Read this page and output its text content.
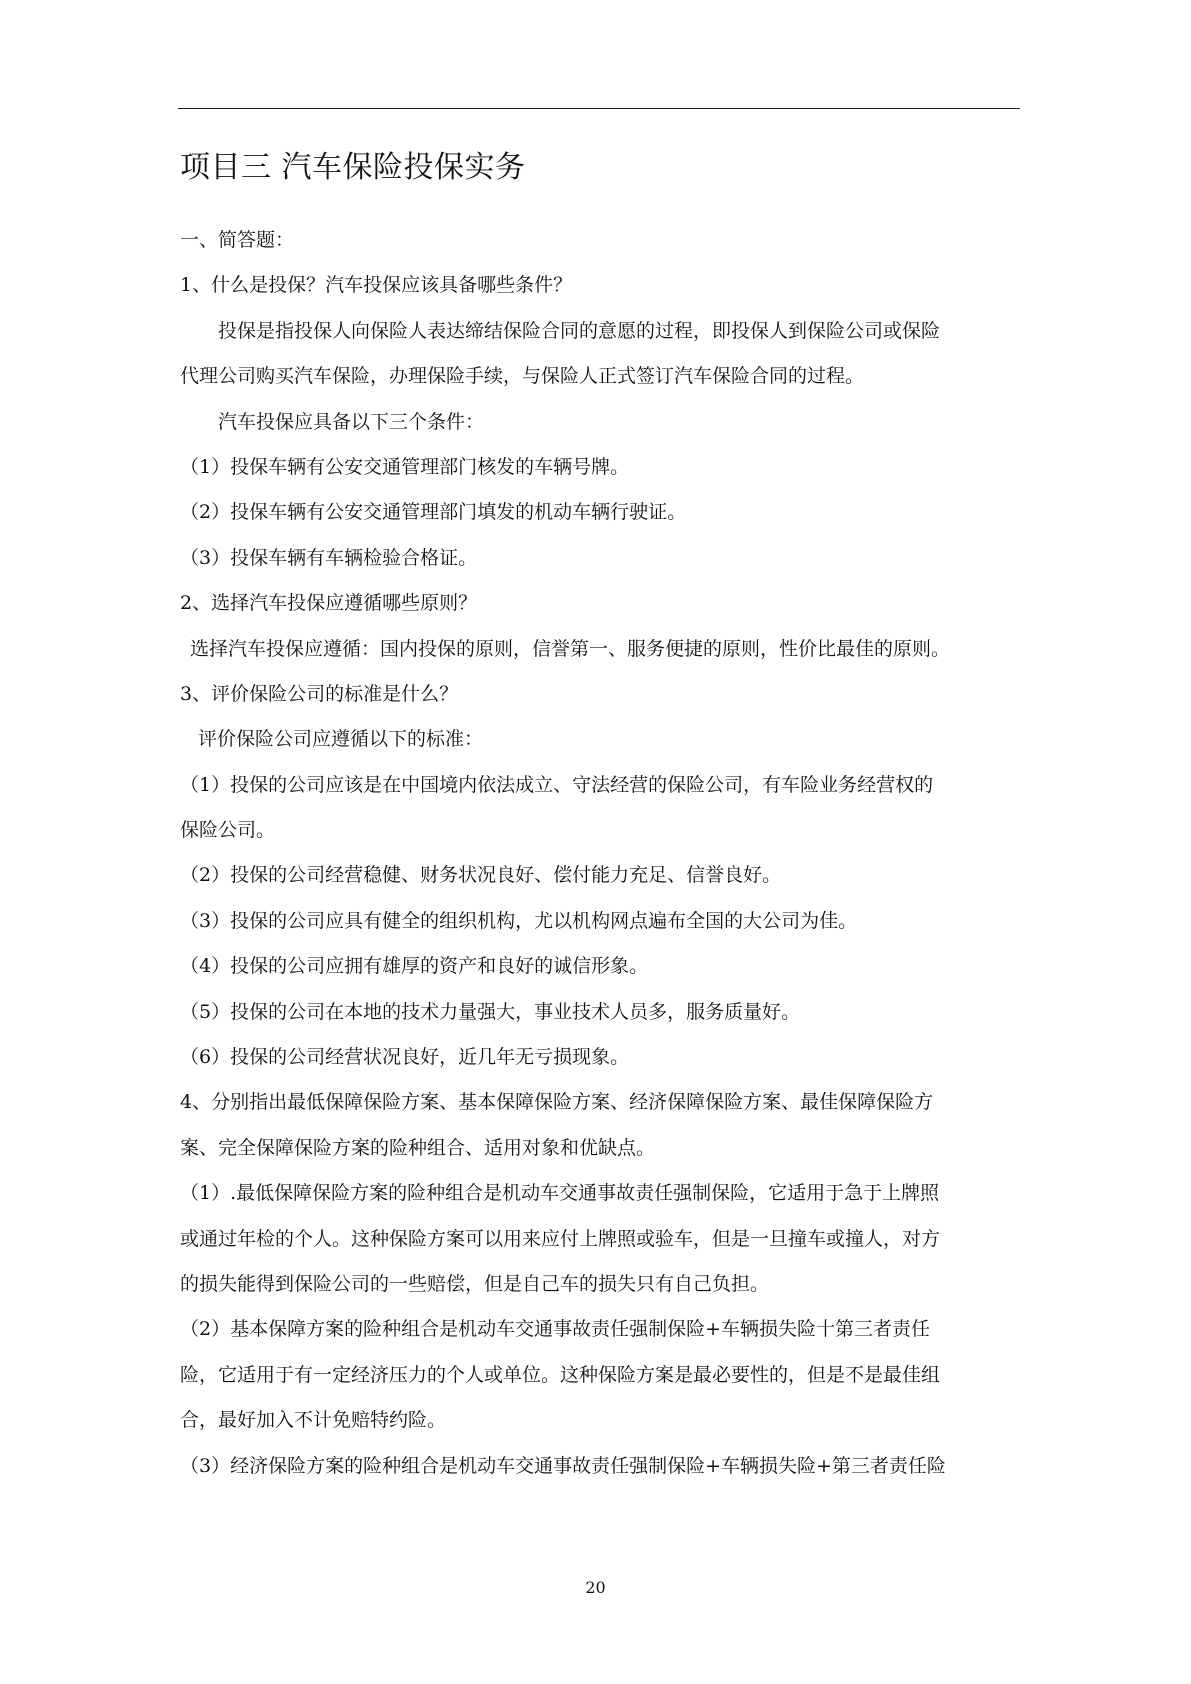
项目三 汽车保险投保实务

一、简答题：

1、什么是投保？汽车投保应该具备哪些条件？

投保是指投保人向保险人表达缔结保险合同的意愿的过程，即投保人到保险公司或保险

代理公司购买汽车保险，办理保险手续，与保险人正式签订汽车保险合同的过程。

汽车投保应具备以下三个条件：

（1）投保车辆有公安交通管理部门核发的车辆号牌。

（2）投保车辆有公安交通管理部门填发的机动车辆行驶证。

（3）投保车辆有车辆检验合格证。

2、选择汽车投保应遵循哪些原则？

选择汽车投保应遵循：国内投保的原则，信誉第一、服务便捷的原则，性价比最佳的原则。

3、评价保险公司的标准是什么？

评价保险公司应遵循以下的标准：

（1）投保的公司应该是在中国境内依法成立、守法经营的保险公司，有车险业务经营权的

保险公司。

（2）投保的公司经营稳健、财务状况良好、偿付能力充足、信誉良好。

（3）投保的公司应具有健全的组织机构，尤以机构网点遍布全国的大公司为佳。

（4）投保的公司应拥有雄厚的资产和良好的诚信形象。

（5）投保的公司在本地的技术力量强大，事业技术人员多，服务质量好。

（6）投保的公司经营状况良好，近几年无亏损现象。

4、分别指出最低保障保险方案、基本保障保险方案、经济保障保险方案、最佳保障保险方

案、完全保障保险方案的险种组合、适用对象和优缺点。

（1）.最低保障保险方案的险种组合是机动车交通事故责任强制保险，它适用于急于上牌照

或通过年检的个人。这种保险方案可以用来应付上牌照或验车，但是一旦撞车或撞人，对方

的损失能得到保险公司的一些赔偿，但是自己车的损失只有自己负担。

（2）基本保障方案的险种组合是机动车交通事故责任强制保险+车辆损失险十第三者责任

险，它适用于有一定经济压力的个人或单位。这种保险方案是最必要性的，但是不是最佳组

合，最好加入不计免赔特约险。

（3）经济保险方案的险种组合是机动车交通事故责任强制保险+车辆损失险+第三者责任险

20
